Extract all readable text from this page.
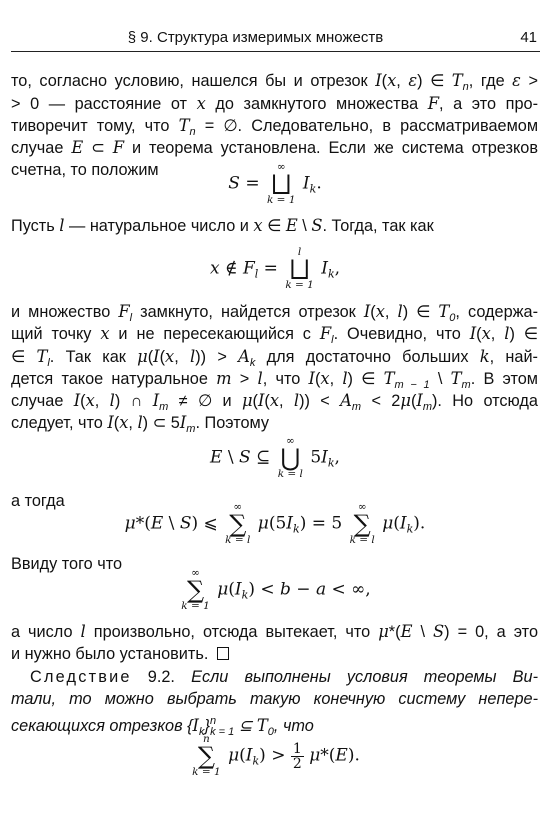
§ 9. Структура измеримых множеств	41
то, согласно условию, нашелся бы и отрезок I(x, ε) ∈ $T_n$, где ε >
> 0 — расстояние от x до замкнутого множества F, а это про-
тиворечит тому, что $T_n$ = ∅. Следовательно, в рассматриваемом
случае E ⊂ F и теорема установлена. Если же система отрезков
счетна, то положим
S =
∞
⨆
k = 1
$I_k$.
Пусть l — натуральное число и x ∈ E \ S. Тогда, так как
x ∉ $F_l$ =
l
⨆
k = 1
$I_k$,
и множество $F_l$ замкнуто, найдется отрезок I(x, l) ∈ $T_0$, содержа-
щий точку x и не пересекающийся с $F_l$. Очевидно, что I(x, l) ∈
∈ $T_l$. Так как μ(I(x, $l)) > A_k$ для достаточно больших k, най-
дется такое натуральное m > l, что I(x, l) ∈ $T_{m - 1}$ \ $T_m$. В этом
случае I(x, l) ∩ $I_m$ ≠ ∅ и μ(I(x, $l)) < A_m < 2\mu(I_m)$. Но отсюда
следует, что I(x, l) ⊂ $5I_m$. Поэтому
E \ S ⊆
∞
⋃
k = l
$5I_k$,
а тогда
μ*(E \ S) ⩽
∞
∑
k = l
$\mu(5I_k) = 5$
∞
∑
k = l
$\mu(I_k)$.
Ввиду того что	∞
∑
k = 1
$\mu(I_k) < b - a$ < ∞,
а число l произвольно, отсюда вытекает, что μ*(E \ S) = 0, а это
и нужно было установить.
Следствие 9.2. Если выполнены условия теоремы Ви-
тали, то можно выбрать такую конечную систему непере-
секающихся отрезков $\{I_k\}^n_{k = 1}$ ⊆ $T_0$, что
n
∑
k = 1
$\mu(I_k) > \frac{1}{2} \mu*(E)$.
